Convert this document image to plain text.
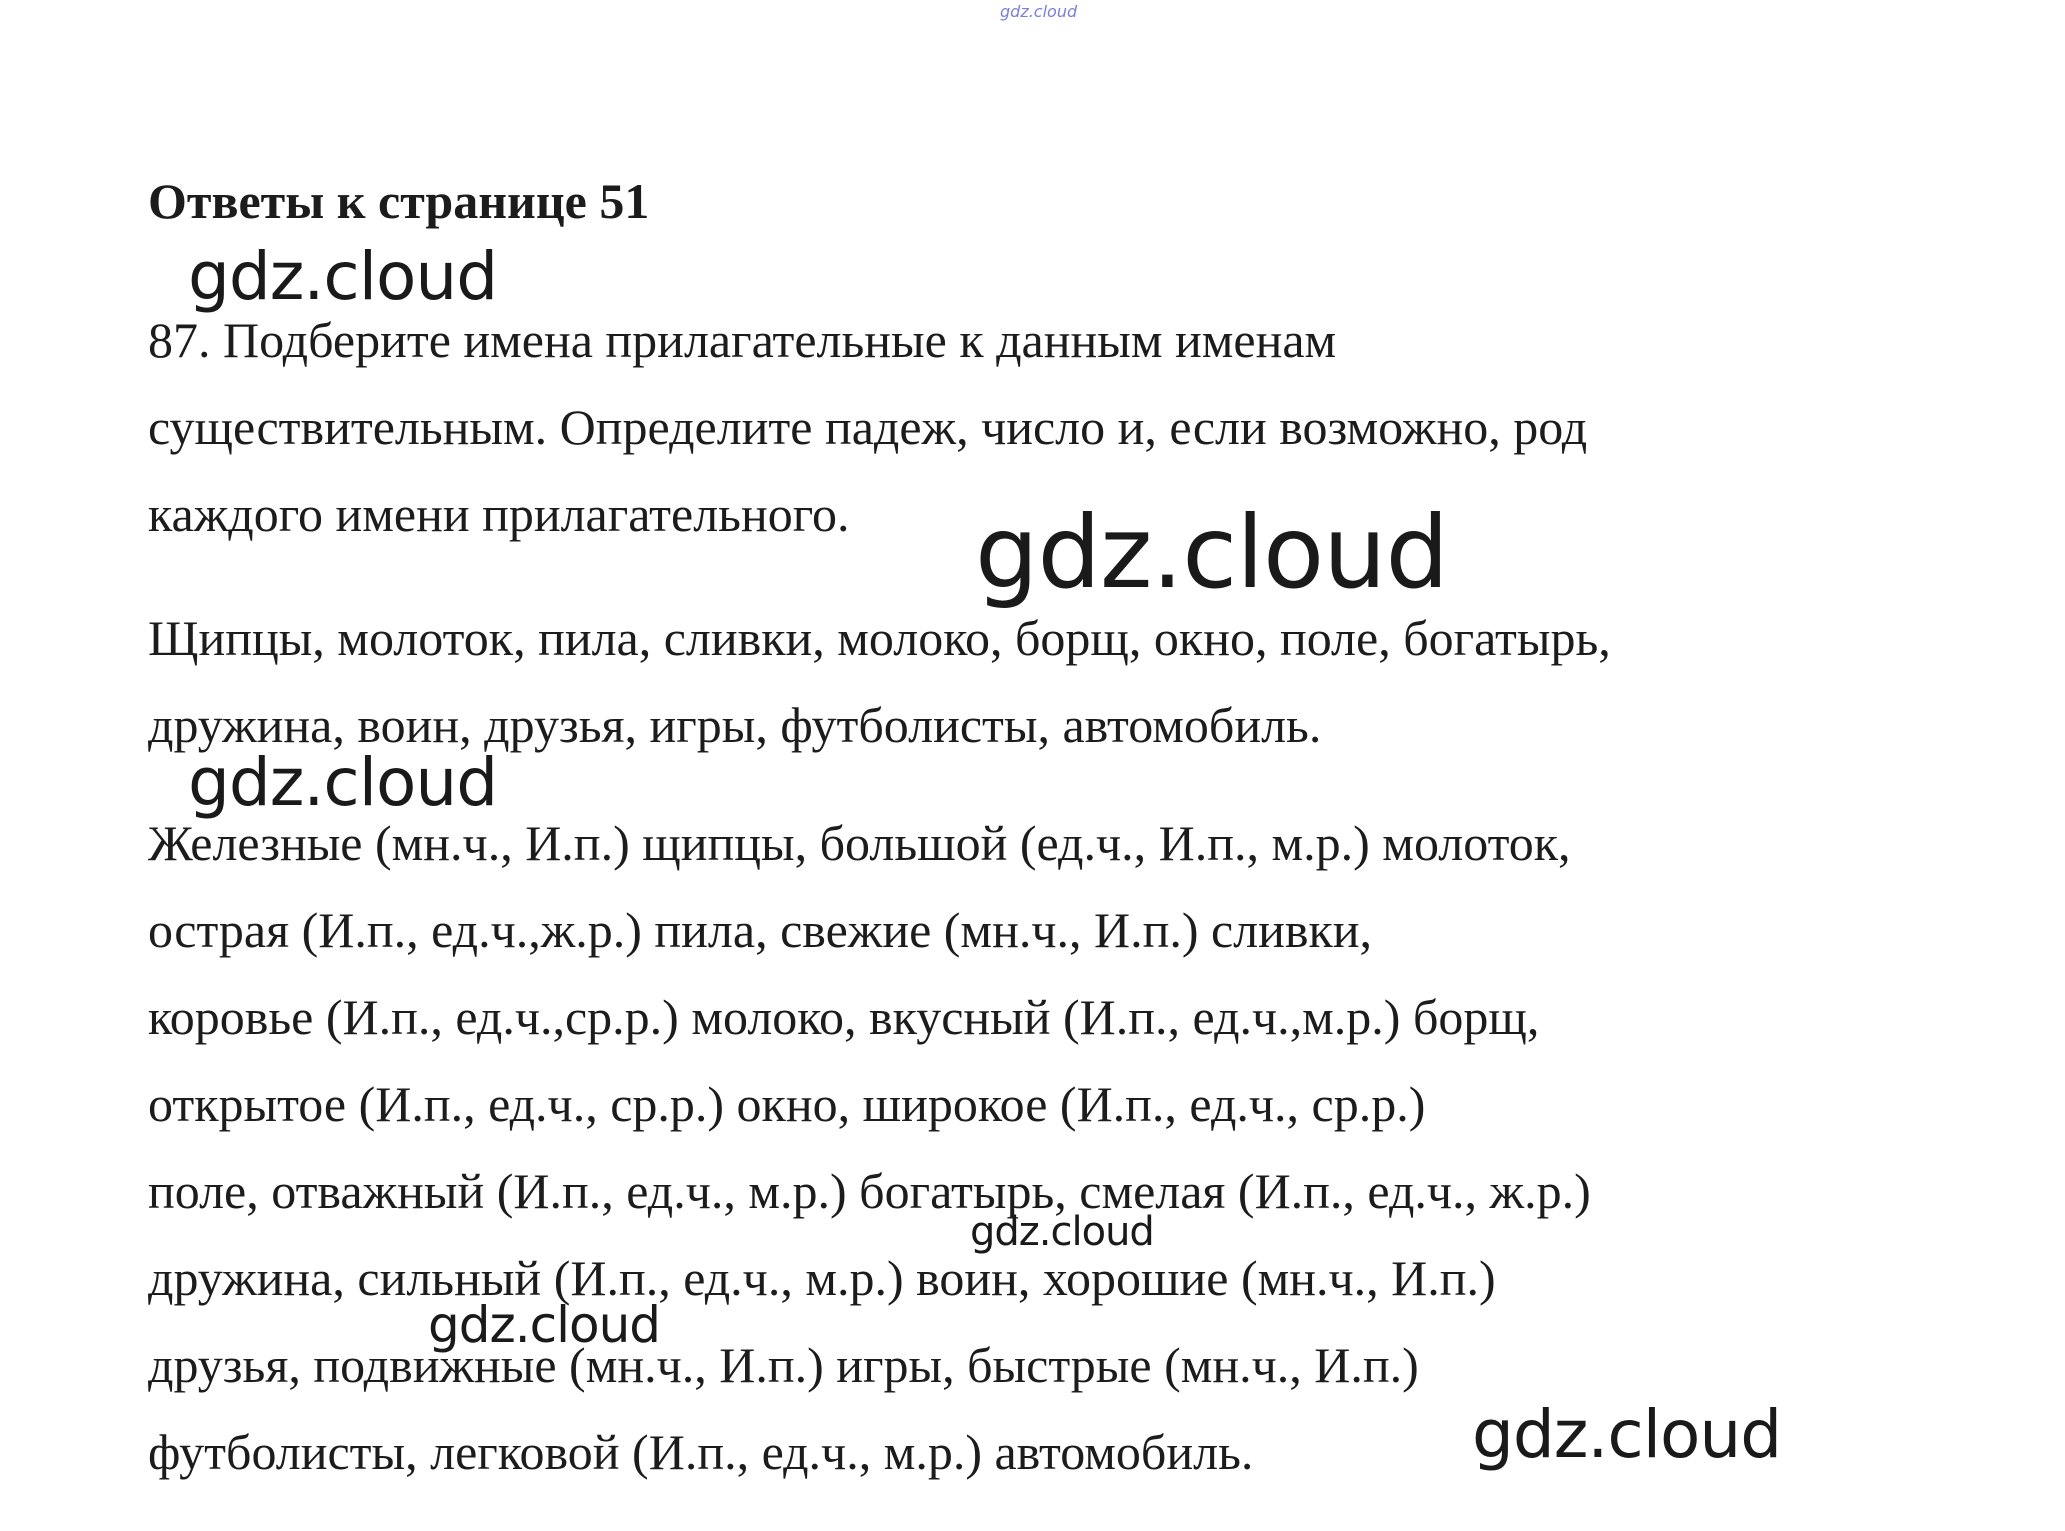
gdz.cloud
Ответы к странице 51
87. Подберите имена прилагательные к данным именам
существительным. Определите падеж, число и, если возможно, род
каждого имени прилагательного.
Щипцы, молоток, пила, сливки, молоко, борщ, окно, поле, богатырь,
дружина, воин, друзья, игры, футболисты, автомобиль.
Железные (мн.ч., И.п.) щипцы, большой (ед.ч., И.п., м.р.) молоток,
острая (И.п., ед.ч.,ж.р.) пила, свежие (мн.ч., И.п.) сливки,
коровье (И.п., ед.ч.,ср.р.) молоко, вкусный (И.п., ед.ч.,м.р.) борщ,
открытое (И.п., ед.ч., ср.р.) окно, широкое (И.п., ед.ч., ср.р.)
поле, отважный (И.п., ед.ч., м.р.) богатырь, смелая (И.п., ед.ч., ж.р.)
дружина, сильный (И.п., ед.ч., м.р.) воин, хорошие (мн.ч., И.п.)
друзья, подвижные (мн.ч., И.п.) игры, быстрые (мн.ч., И.п.)
футболисты, легковой (И.п., ед.ч., м.р.) автомобиль.
gdz.cloud
gdz.cloud
gdz.cloud
gdz.cloud
gdz.cloud
gdz.cloud
